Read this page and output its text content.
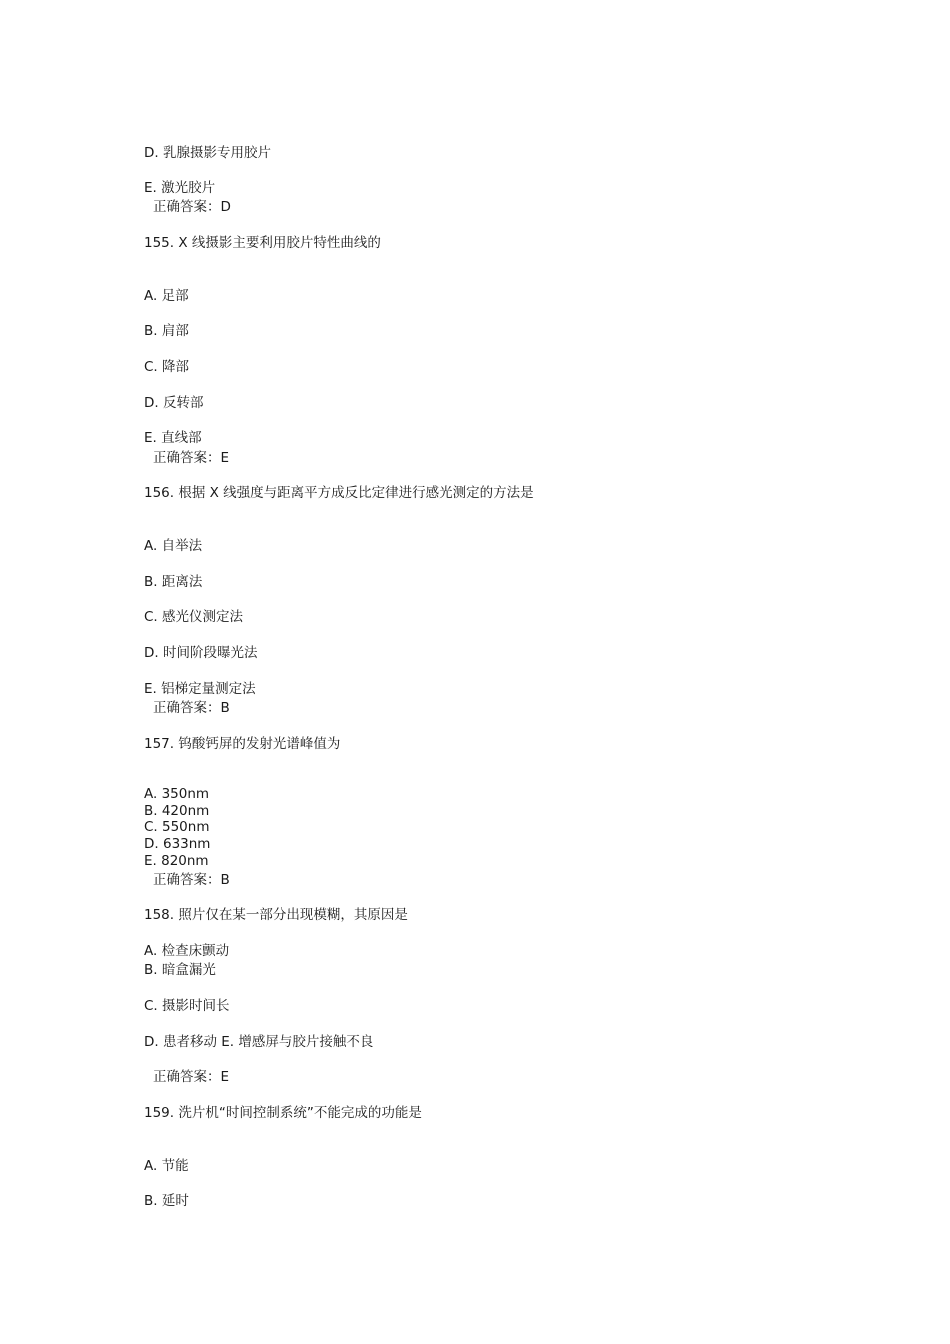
D. 乳腺摄影专用胶片
E. 激光胶片
正确答案：D
155. X 线摄影主要利用胶片特性曲线的
A. 足部
B. 肩部
C. 降部
D. 反转部
E. 直线部
正确答案：E
156. 根据 X 线强度与距离平方成反比定律进行感光测定的方法是
A. 自举法
B. 距离法
C. 感光仪测定法
D. 时间阶段曝光法
E. 铝梯定量测定法
正确答案：B
157. 钨酸钙屏的发射光谱峰值为
A. 350nm
B. 420nm
C. 550nm
D. 633nm
E. 820nm
正确答案：B
158. 照片仅在某一部分出现模糊，其原因是
A. 检查床颤动
B. 暗盒漏光
C. 摄影时间长
D. 患者移动 E. 增感屏与胶片接触不良
正确答案：E
159. 洗片机“时间控制系统”不能完成的功能是
A. 节能
B. 延时
